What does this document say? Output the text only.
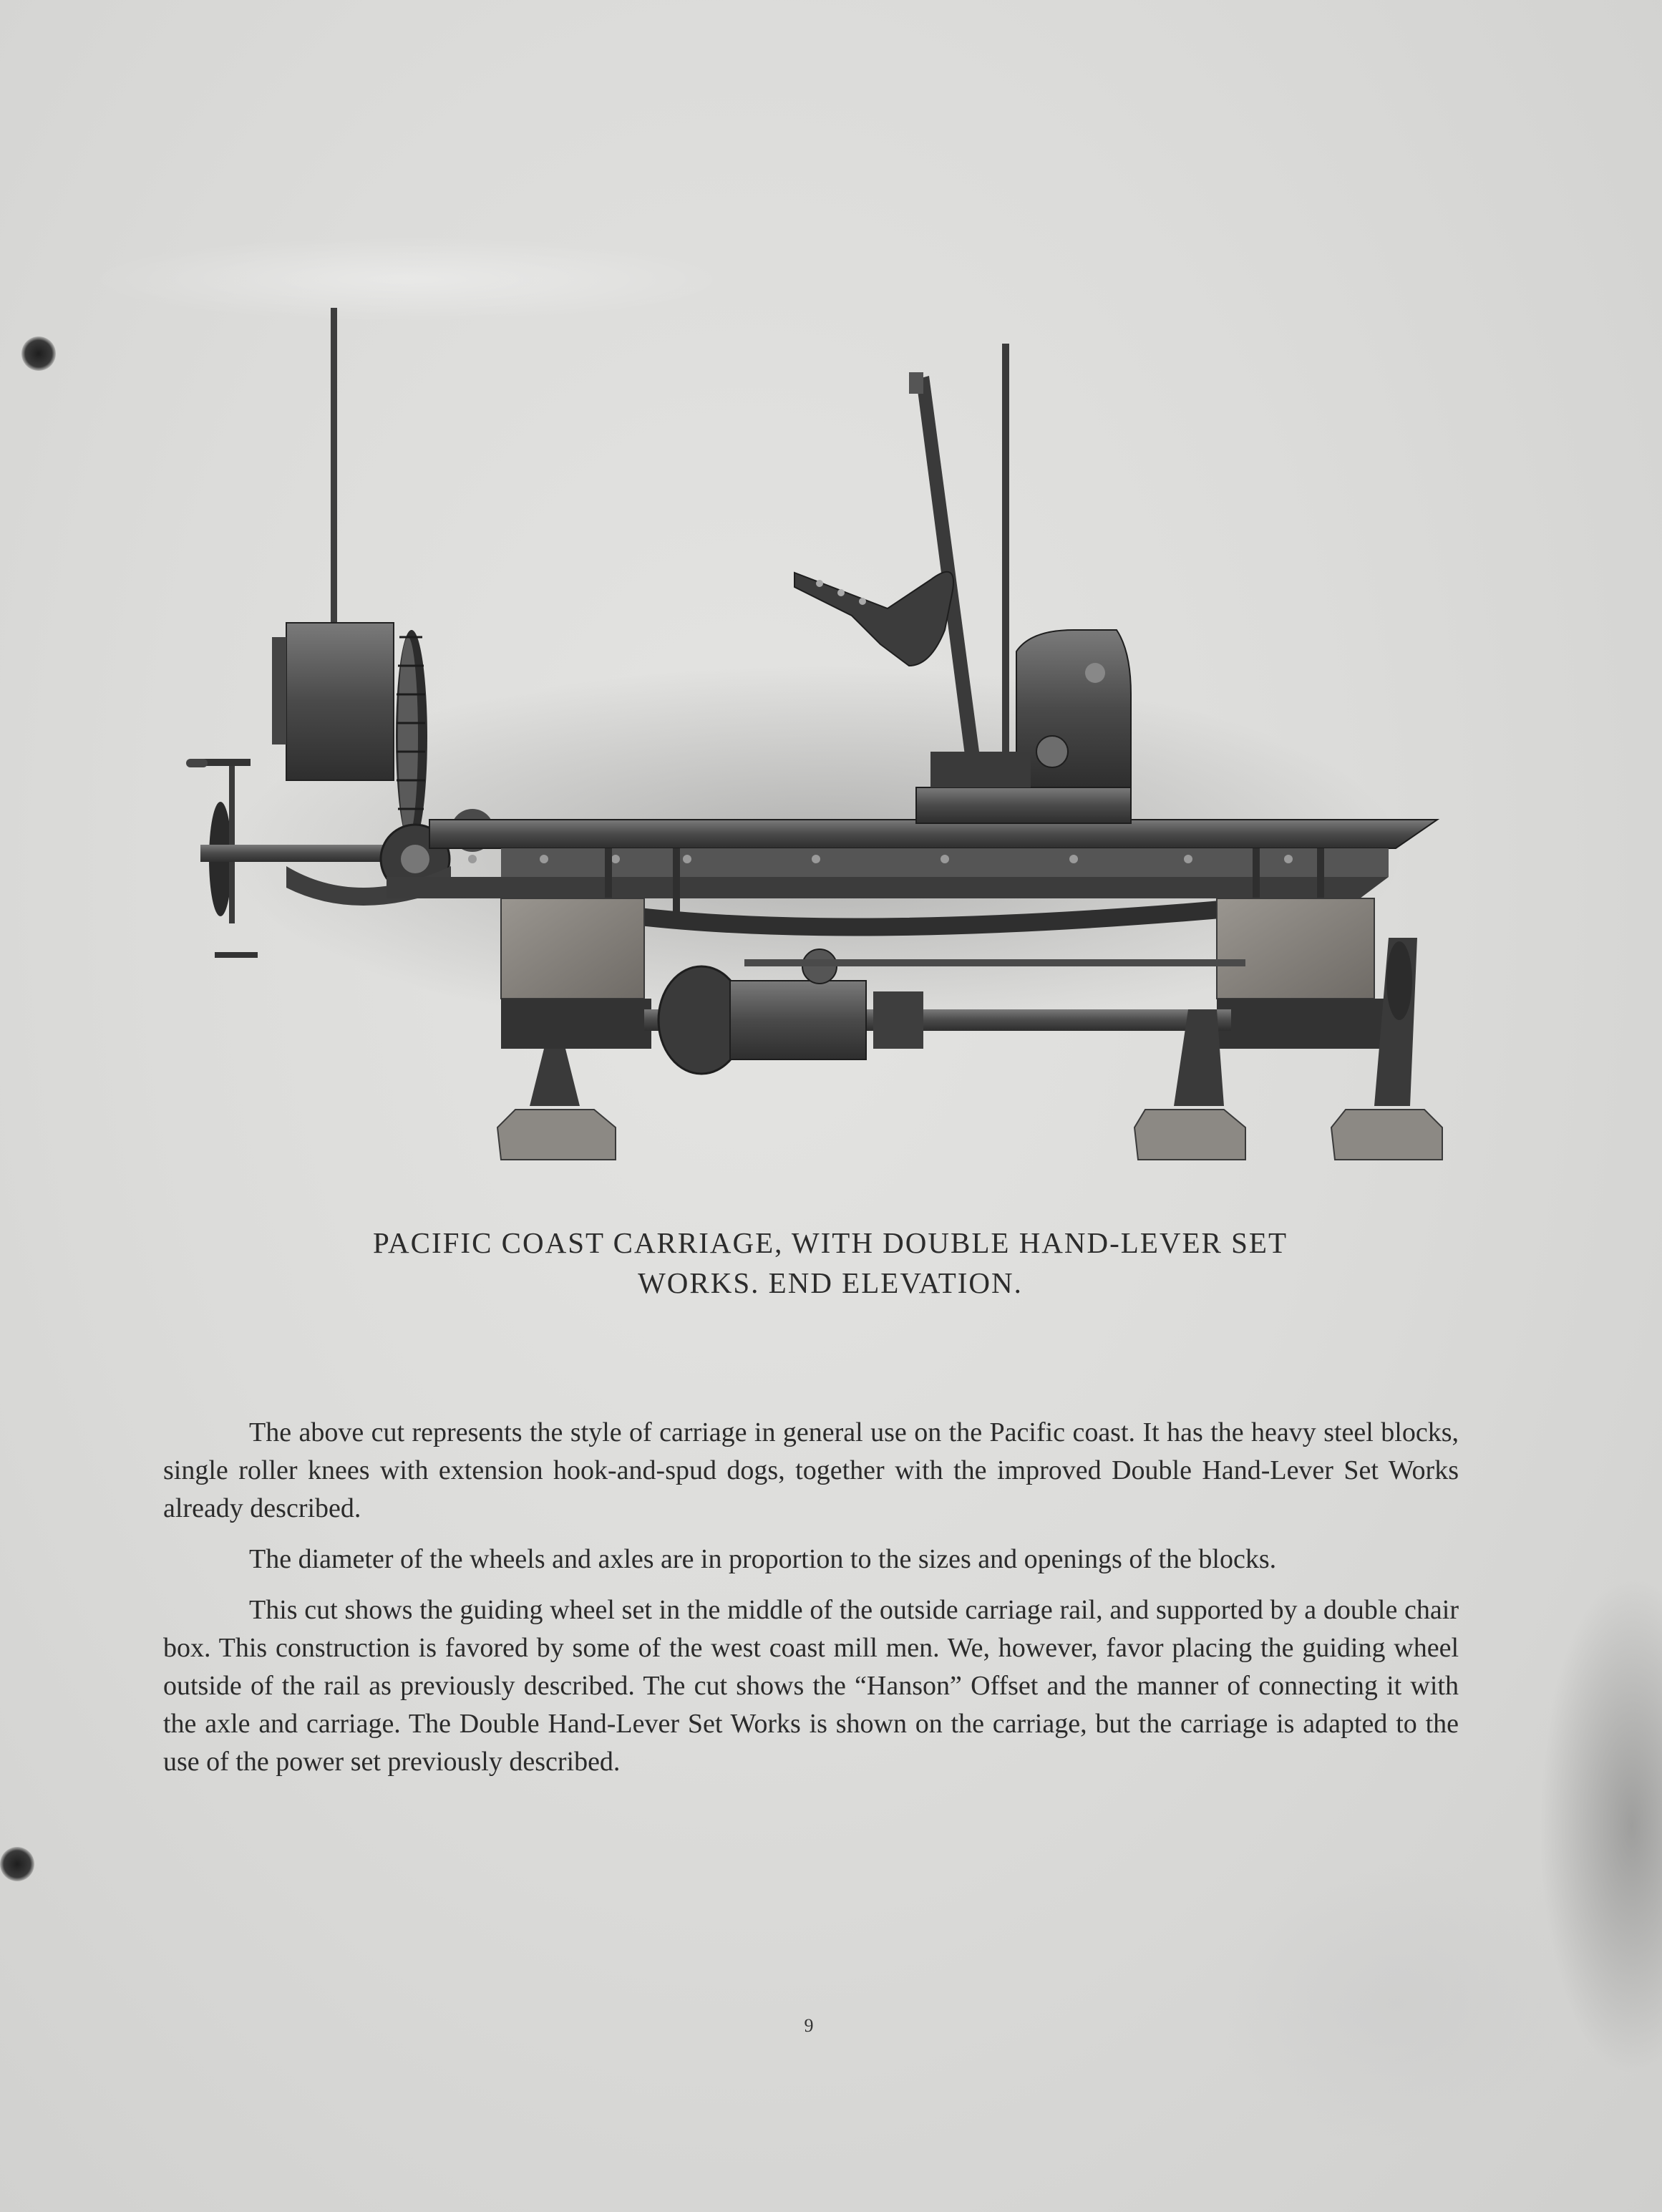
PACIFIC COAST CARRIAGE, WITH DOUBLE HAND-LEVER SET
WORKS. END ELEVATION.

The above cut represents the style of carriage in general use on the Pacific coast. It has the heavy steel blocks, single roller knees with extension hook-and-spud dogs, together with the improved Double Hand-Lever Set Works already described.

The diameter of the wheels and axles are in proportion to the sizes and openings of the blocks.

This cut shows the guiding wheel set in the middle of the outside carriage rail, and supported by a double chair box. This construction is favored by some of the west coast mill men. We, however, favor placing the guiding wheel outside of the rail as previously described. The cut shows the “Hanson” Offset and the manner of connecting it with the axle and carriage. The Double Hand-Lever Set Works is shown on the carriage, but the carriage is adapted to the use of the power set previously described.

9
